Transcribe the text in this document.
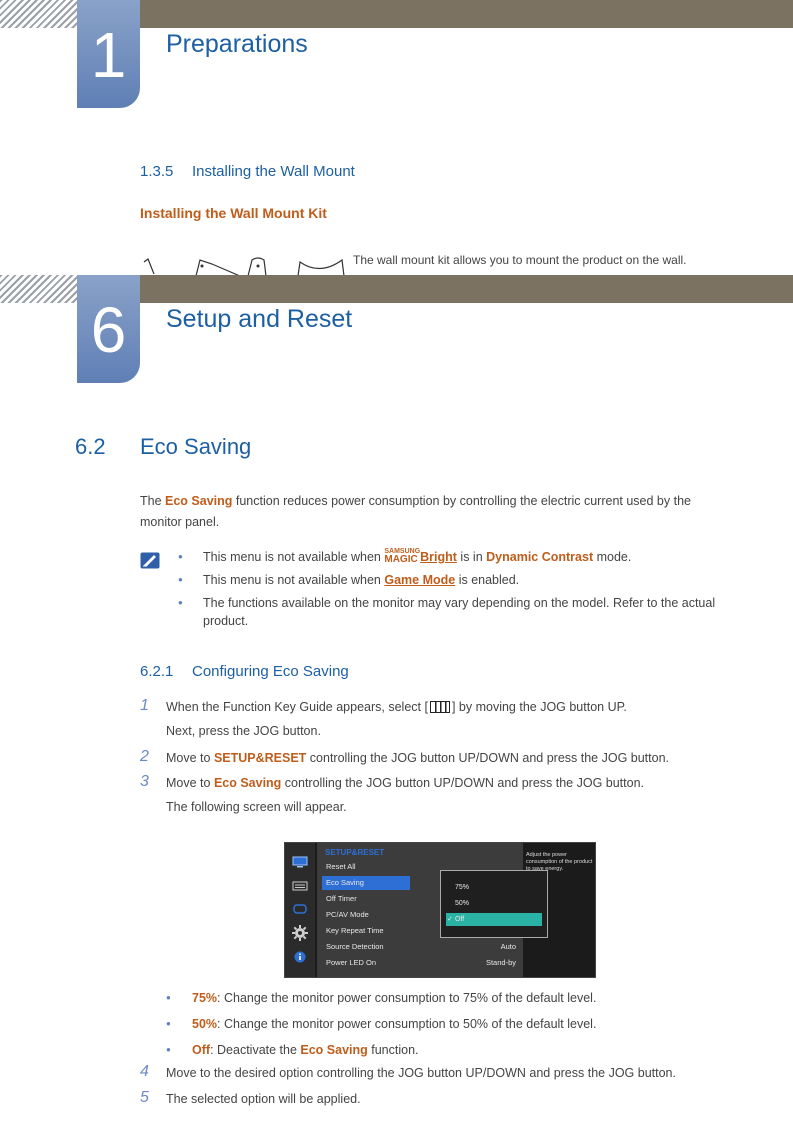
1	Preparations
1.3.5 Installing the Wall Mount
Installing the Wall Mount Kit
The wall mount kit allows you to mount the product on the wall.
6	Setup and Reset
6.2 Eco Saving
The Eco Saving function reduces power consumption by controlling the electric current used by the monitor panel.
● This menu is not available when SAMSUNG
MAGIC Bright is in Dynamic Contrast mode.
● This menu is not available when Game Mode is enabled.
● The functions available on the monitor may vary depending on the model. Refer to the actual product.
6.2.1 Configuring Eco Saving
1 When the Function Key Guide appears, select [ ] by moving the JOG button UP.
Next, press the JOG button.
2 Move to SETUP&RESET controlling the JOG button UP/DOWN and press the JOG button.
3 Move to Eco Saving controlling the JOG button UP/DOWN and press the JOG button.
The following screen will appear.
SETUP&RESET
Reset All
Eco Saving
Off Timer
PC/AV Mode
Key Repeat Time
Source Detection	Auto
Power LED On	Stand-by
75%
50%
✓ Off
Adjust the power consumption of the product to save energy.
● 75%: Change the monitor power consumption to 75% of the default level.
● 50%: Change the monitor power consumption to 50% of the default level.
● Off: Deactivate the Eco Saving function.
4 Move to the desired option controlling the JOG button UP/DOWN and press the JOG button.
5 The selected option will be applied.
